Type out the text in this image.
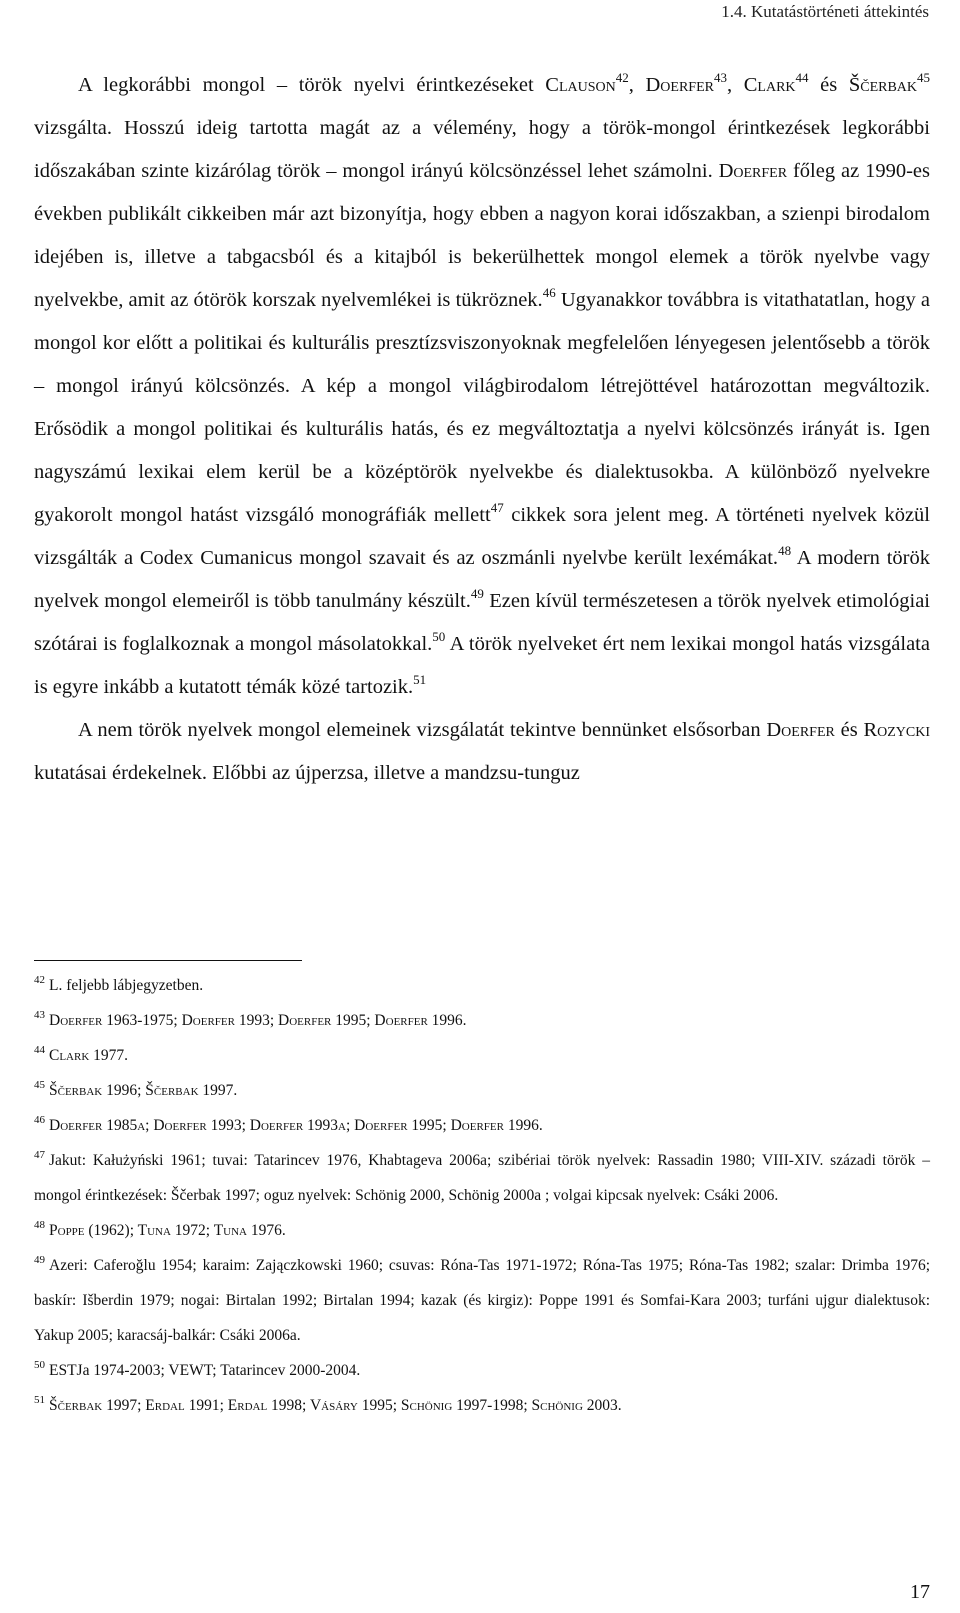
1.4. Kutatástörténeti áttekintés

A legkorábbi mongol – török nyelvi érintkezéseket Clauson$^{42}$, Doerfer$^{43}$, Clark$^{44}$ és Ščerbak$^{45}$ vizsgálta. Hosszú ideig tartotta magát az a vélemény, hogy a török-mongol érintkezések legkorábbi időszakában szinte kizárólag török – mongol irányú kölcsönzéssel lehet számolni. Doerfer főleg az 1990-es években publikált cikkeiben már azt bizonyítja, hogy ebben a nagyon korai időszakban, a szienpi birodalom idejében is, illetve a tabgacsból és a kitajból is bekerülhettek mongol elemek a török nyelvbe vagy nyelvekbe, amit az ótörök korszak nyelvemlékei is tükröznek.$^{46}$ Ugyanakkor továbbra is vitathatatlan, hogy a mongol kor előtt a politikai és kulturális presztízsviszonyoknak megfelelően lényegesen jelentősebb a török – mongol irányú kölcsönzés. A kép a mongol világbirodalom létrejöttével határozottan megváltozik. Erősödik a mongol politikai és kulturális hatás, és ez megváltoztatja a nyelvi kölcsönzés irányát is. Igen nagyszámú lexikai elem kerül be a középtörök nyelvekbe és dialektusokba. A különböző nyelvekre gyakorolt mongol hatást vizsgáló monográfiák mellett$^{47}$ cikkek sora jelent meg. A történeti nyelvek közül vizsgálták a Codex Cumanicus mongol szavait és az oszmánli nyelvbe került lexémákat.$^{48}$ A modern török nyelvek mongol elemeiről is több tanulmány készült.$^{49}$ Ezen kívül természetesen a török nyelvek etimológiai szótárai is foglalkoznak a mongol másolatokkal.$^{50}$ A török nyelveket ért nem lexikai mongol hatás vizsgálata is egyre inkább a kutatott témák közé tartozik.$^{51}$

A nem török nyelvek mongol elemeinek vizsgálatát tekintve bennünket elsősorban Doerfer és Rozycki kutatásai érdekelnek. Előbbi az újperzsa, illetve a mandzsu-tunguz

$^{42}$ L. feljebb lábjegyzetben.

$^{43}$ Doerfer 1963-1975; Doerfer 1993; Doerfer 1995; Doerfer 1996.

$^{44}$ Clark 1977.

$^{45}$ Ščerbak 1996; Ščerbak 1997.

$^{46}$ Doerfer 1985a; Doerfer 1993; Doerfer 1993a; Doerfer 1995; Doerfer 1996.

$^{47}$ Jakut: Kałużyński 1961; tuvai: Tatarincev 1976, Khabtageva 2006a; szibériai török nyelvek: Rassadin 1980; VIII-XIV. századi török – mongol érintkezések: Ščerbak 1997; oguz nyelvek: Schönig 2000, Schönig 2000a ; volgai kipcsak nyelvek: Csáki 2006.

$^{48}$ Poppe (1962); Tuna 1972; Tuna 1976.

$^{49}$ Azeri: Caferoğlu 1954; karaim: Zajączkowski 1960; csuvas: Róna-Tas 1971-1972; Róna-Tas 1975; Róna-Tas 1982; szalar: Drimba 1976; baskír: Išberdin 1979; nogai: Birtalan 1992; Birtalan 1994; kazak (és kirgiz): Poppe 1991 és Somfai-Kara 2003; turfáni ujgur dialektusok: Yakup 2005; karacsáj-balkár: Csáki 2006a.

$^{50}$ ESTJa 1974-2003; VEWT; Tatarincev 2000-2004.

$^{51}$ Ščerbak 1997; Erdal 1991; Erdal 1998; Vásáry 1995; Schönig 1997-1998; Schönig 2003.

17
